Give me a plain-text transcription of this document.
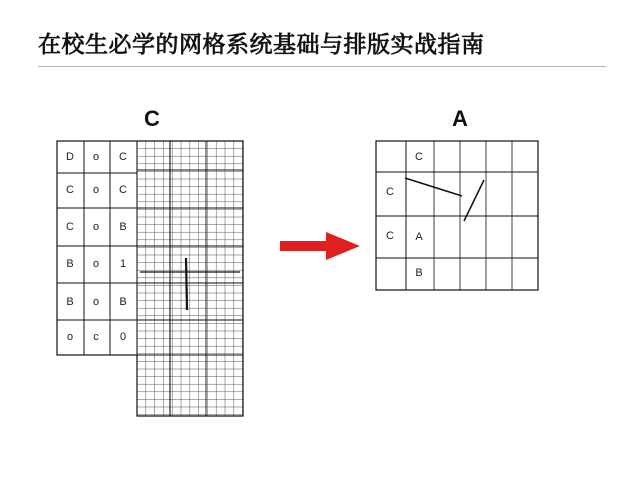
在校生必学的网格系统基础与排版实战指南
C	A
D	o	C
C	o	C
C	o	B
B	o	1
B	o	B
o	c	0
C
C
C	A
B
